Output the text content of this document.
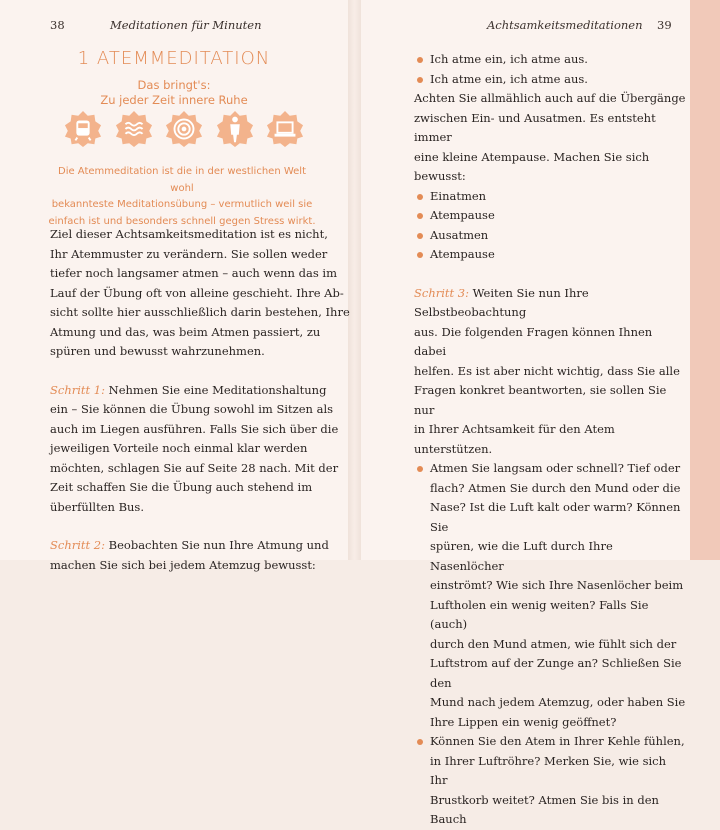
38	Meditationen für Minuten
1 ATEMMEDITATION
Das bringt's:
Zu jeder Zeit innere Ruhe
Die Atemmeditation ist die in der westlichen Welt wohl
bekannteste Meditationsübung – vermutlich weil sie
einfach ist und besonders schnell gegen Stress wirkt.
Ziel dieser Achtsamkeitsmeditation ist es nicht,
Ihr Atemmuster zu verändern. Sie sollen weder
tiefer noch langsamer atmen – auch wenn das im
Lauf der Übung oft von alleine geschieht. Ihre Ab-
sicht sollte hier ausschließlich darin bestehen, Ihre
Atmung und das, was beim Atmen passiert, zu
spüren und bewusst wahrzunehmen.
Schritt 1: Nehmen Sie eine Meditationshaltung
ein – Sie können die Übung sowohl im Sitzen als
auch im Liegen ausführen. Falls Sie sich über die
jeweiligen Vorteile noch einmal klar werden
möchten, schlagen Sie auf Seite 28 nach. Mit der
Zeit schaffen Sie die Übung auch stehend im
überfüllten Bus.
Schritt 2: Beobachten Sie nun Ihre Atmung und
machen Sie sich bei jedem Atemzug bewusst:
Achtsamkeitsmeditationen 39
Ich atme ein, ich atme aus.
Ich atme ein, ich atme aus.
Achten Sie allmählich auch auf die Übergänge
zwischen Ein- und Ausatmen. Es entsteht immer
eine kleine Atempause. Machen Sie sich bewusst:
Einatmen
Atempause
Ausatmen
Atempause
Schritt 3: Weiten Sie nun Ihre Selbstbeobachtung
aus. Die folgenden Fragen können Ihnen dabei
helfen. Es ist aber nicht wichtig, dass Sie alle
Fragen konkret beantworten, sie sollen Sie nur
in Ihrer Achtsamkeit für den Atem unterstützen.
Atmen Sie langsam oder schnell? Tief oder
flach? Atmen Sie durch den Mund oder die
Nase? Ist die Luft kalt oder warm? Können Sie
spüren, wie die Luft durch Ihre Nasenlöcher
einströmt? Wie sich Ihre Nasenlöcher beim
Luftholen ein wenig weiten? Falls Sie (auch)
durch den Mund atmen, wie fühlt sich der
Luftstrom auf der Zunge an? Schließen Sie den
Mund nach jedem Atemzug, oder haben Sie
Ihre Lippen ein wenig geöffnet?
Können Sie den Atem in Ihrer Kehle fühlen,
in Ihrer Luftröhre? Merken Sie, wie sich Ihr
Brustkorb weitet? Atmen Sie bis in den Bauch
